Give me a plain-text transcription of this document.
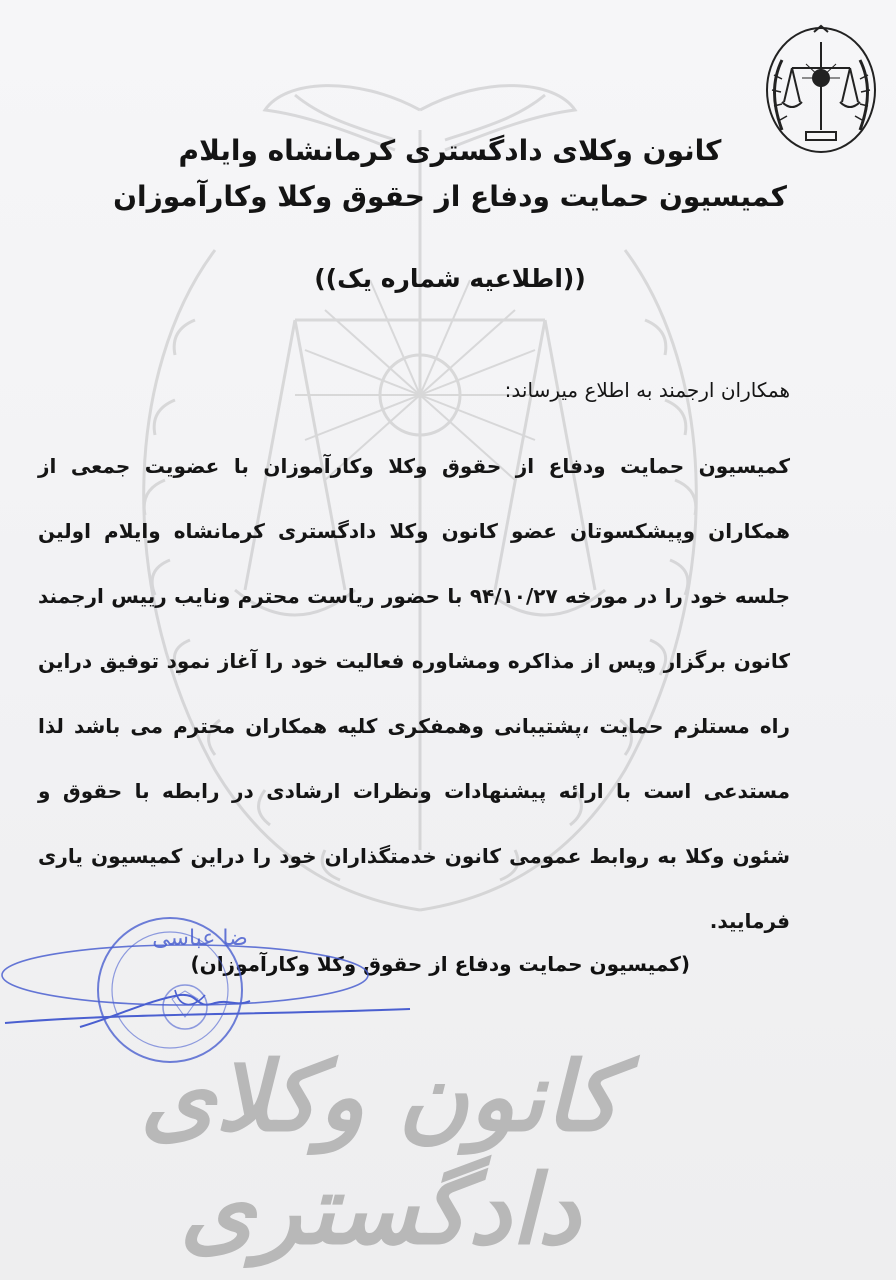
کانون وکلای دادگستری کرمانشاه وایلام
کمیسیون حمایت ودفاع از حقوق وکلا وکارآموزان
((اطلاعیه شماره یک))
همکاران ارجمند به اطلاع میرساند:
کمیسیون حمایت ودفاع از حقوق وکلا وکارآموزان با عضویت جمعی از همکاران وپیشکسوتان عضو کانون وکلا دادگستری کرمانشاه وایلام اولین جلسه خود را در مورخه ۹۴/۱۰/۲۷ با حضور ریاست محترم ونایب رییس ارجمند کانون برگزار وپس از مذاکره ومشاوره فعالیت خود را آغاز نمود توفیق دراین راه مستلزم حمایت ،پشتیبانی وهمفکری کلیه همکاران محترم می باشد لذا مستدعی است با ارائه پیشنهادات ونظرات ارشادی در رابطه با حقوق و شئون وکلا به روابط عمومی کانون خدمتگذاران خود را دراین کمیسیون یاری فرمایید.
(کمیسیون حمایت ودفاع از حقوق وکلا وکارآموزان)
ضا عباسی
کانون وکلای دادگستری
